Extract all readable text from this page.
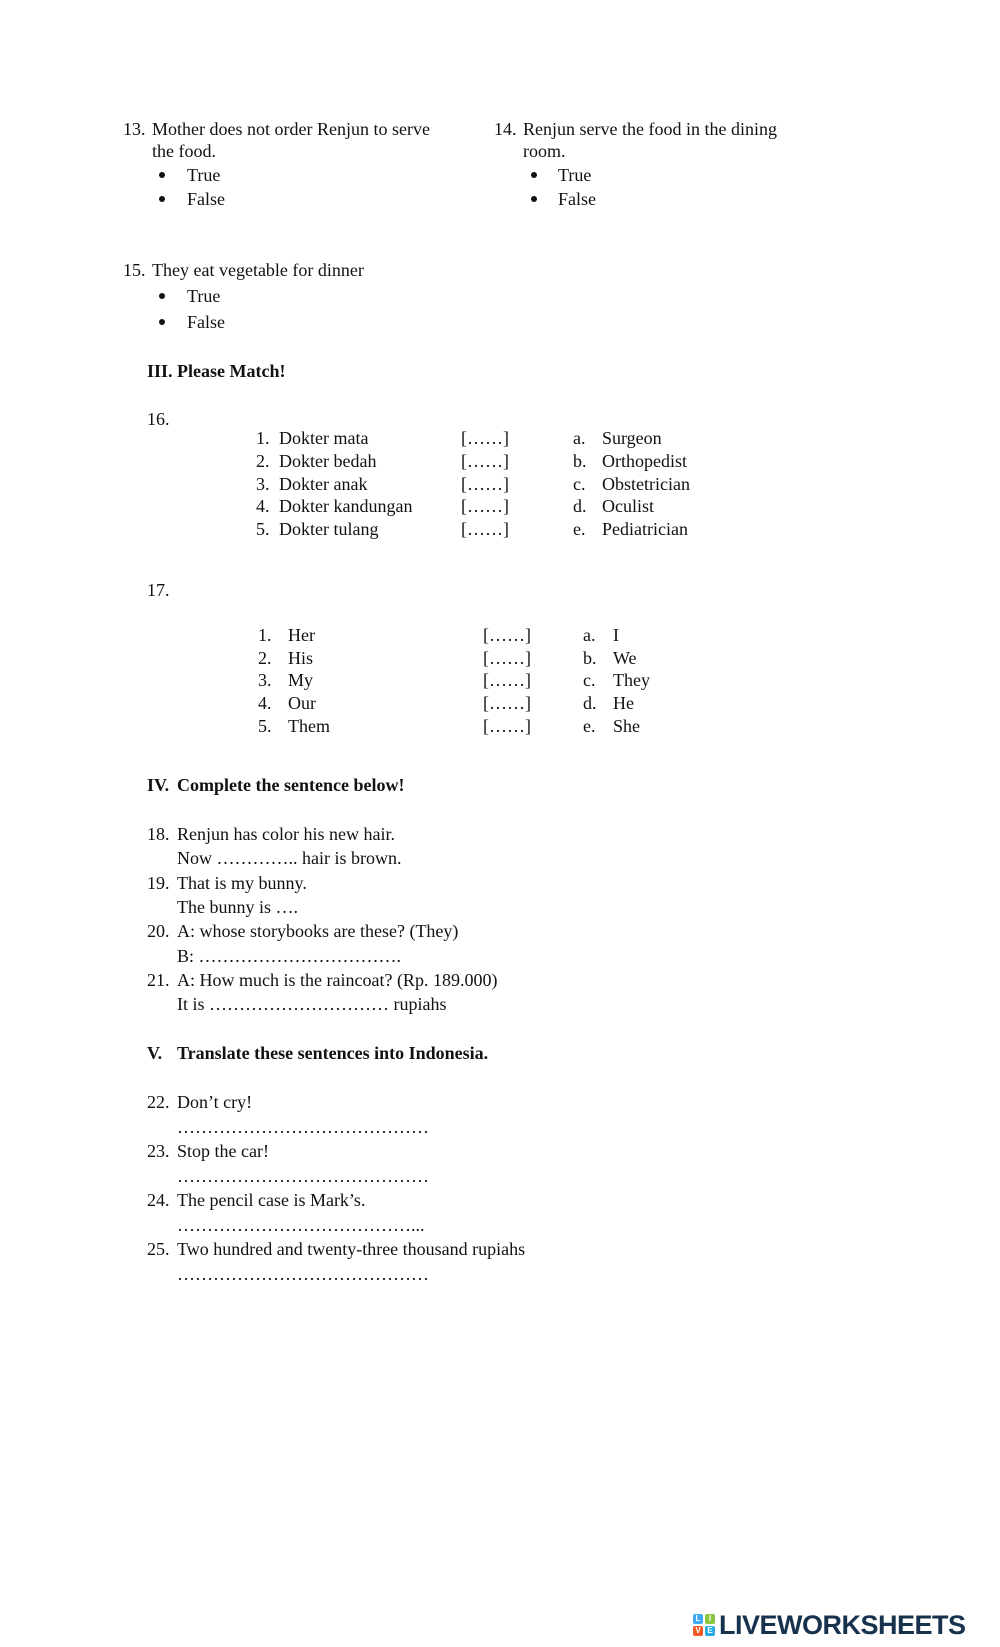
13. Mother does not order Renjun to serve
the food.
True
False
14. Renjun serve the food in the dining
room.
True
False
15. They eat vegetable for dinner
True
False
III. Please Match!
16.
1. Dokter mata	[……]	a. Surgeon
2. Dokter bedah	[……]	b. Orthopedist
3. Dokter anak	[……]	c. Obstetrician
4. Dokter kandungan	[……]	d. Oculist
5. Dokter tulang	[……]	e. Pediatrician
17.
1. Her	[……]	a. I
2. His	[……]	b. We
3. My	[……]	c. They
4. Our	[……]	d. He
5. Them	[……]	e. She
IV. Complete the sentence below!
18. Renjun has color his new hair.
Now ………….. hair is brown.
19. That is my bunny.
The bunny is ….
20. A: whose storybooks are these? (They)
B: …………………………….
21. A: How much is the raincoat? (Rp. 189.000)
It is ………………………… rupiahs
V. Translate these sentences into Indonesia.
22. Don’t cry!
……………………………………
23. Stop the car!
……………………………………
24. The pencil case is Mark’s.
…………………………………...
25. Two hundred and twenty-three thousand rupiahs
……………………………………
L	I
V E LIVEWORKSHEETS
